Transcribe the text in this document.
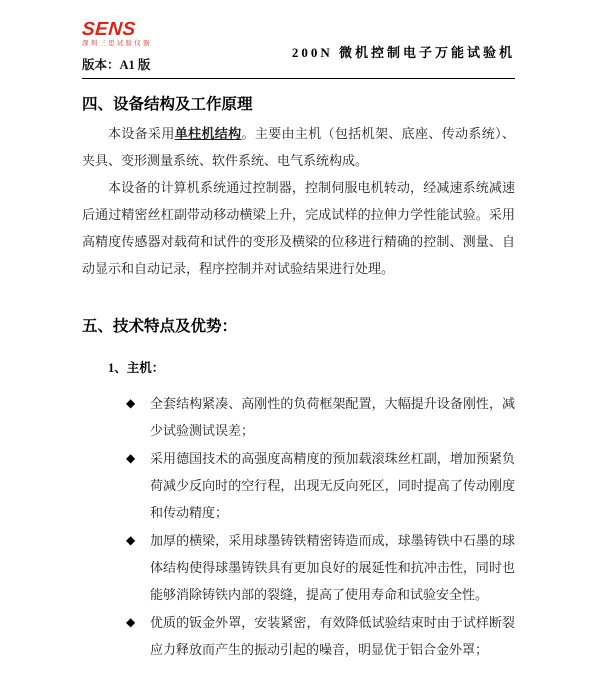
SENS
深圳三思试验仪器
版本：A1 版
200N 微机控制电子万能试验机
四、设备结构及工作原理

本设备采用单柱机结构。主要由主机（包括机架、底座、传动系统）、夹具、变形测量系统、软件系统、电气系统构成。

本设备的计算机系统通过控制器，控制伺服电机转动，经减速系统减速后通过精密丝杠副带动移动横梁上升，完成试样的拉伸力学性能试验。采用高精度传感器对载荷和试件的变形及横梁的位移进行精确的控制、测量、自动显示和自动记录，程序控制并对试验结果进行处理。

五、技术特点及优势：
1、主机：
◆ 全套结构紧凑、高刚性的负荷框架配置，大幅提升设备刚性，减少试验测试误差；
◆ 采用德国技术的高强度高精度的预加载滚珠丝杠副，增加预紧负荷减少反向时的空行程，出现无反向死区，同时提高了传动刚度和传动精度；
◆ 加厚的横梁，采用球墨铸铁精密铸造而成，球墨铸铁中石墨的球体结构使得球墨铸铁具有更加良好的展延性和抗冲击性，同时也能够消除铸铁内部的裂缝，提高了使用寿命和试验安全性。
◆ 优质的钣金外罩，安装紧密，有效降低试验结束时由于试样断裂应力释放而产生的振动引起的噪音，明显优于铝合金外罩；
